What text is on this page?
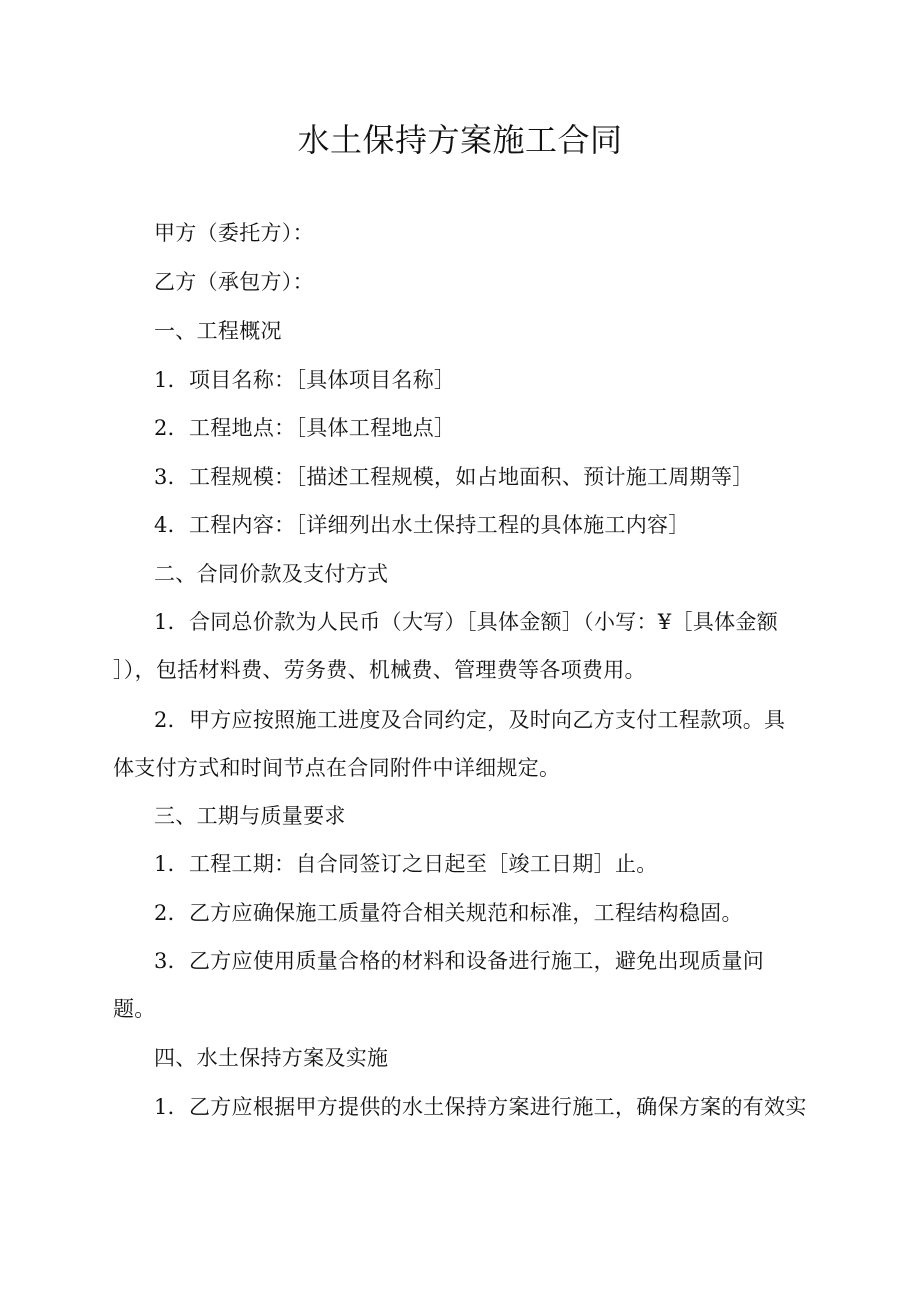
水土保持方案施工合同
甲方（委托方）：
乙方（承包方）：
一、工程概况
1．项目名称：［具体项目名称］
2．工程地点：［具体工程地点］
3．工程规模：［描述工程规模，如占地面积、预计施工周期等］
4．工程内容：［详细列出水土保持工程的具体施工内容］
二、合同价款及支付方式
1．合同总价款为人民币（大写）［具体金额］（小写：¥［具体金额
］），包括材料费、劳务费、机械费、管理费等各项费用。
2．甲方应按照施工进度及合同约定，及时向乙方支付工程款项。具
体支付方式和时间节点在合同附件中详细规定。
三、工期与质量要求
1．工程工期：自合同签订之日起至［竣工日期］止。
2．乙方应确保施工质量符合相关规范和标准，工程结构稳固。
3．乙方应使用质量合格的材料和设备进行施工，避免出现质量问
题。
四、水土保持方案及实施
1．乙方应根据甲方提供的水土保持方案进行施工，确保方案的有效实
